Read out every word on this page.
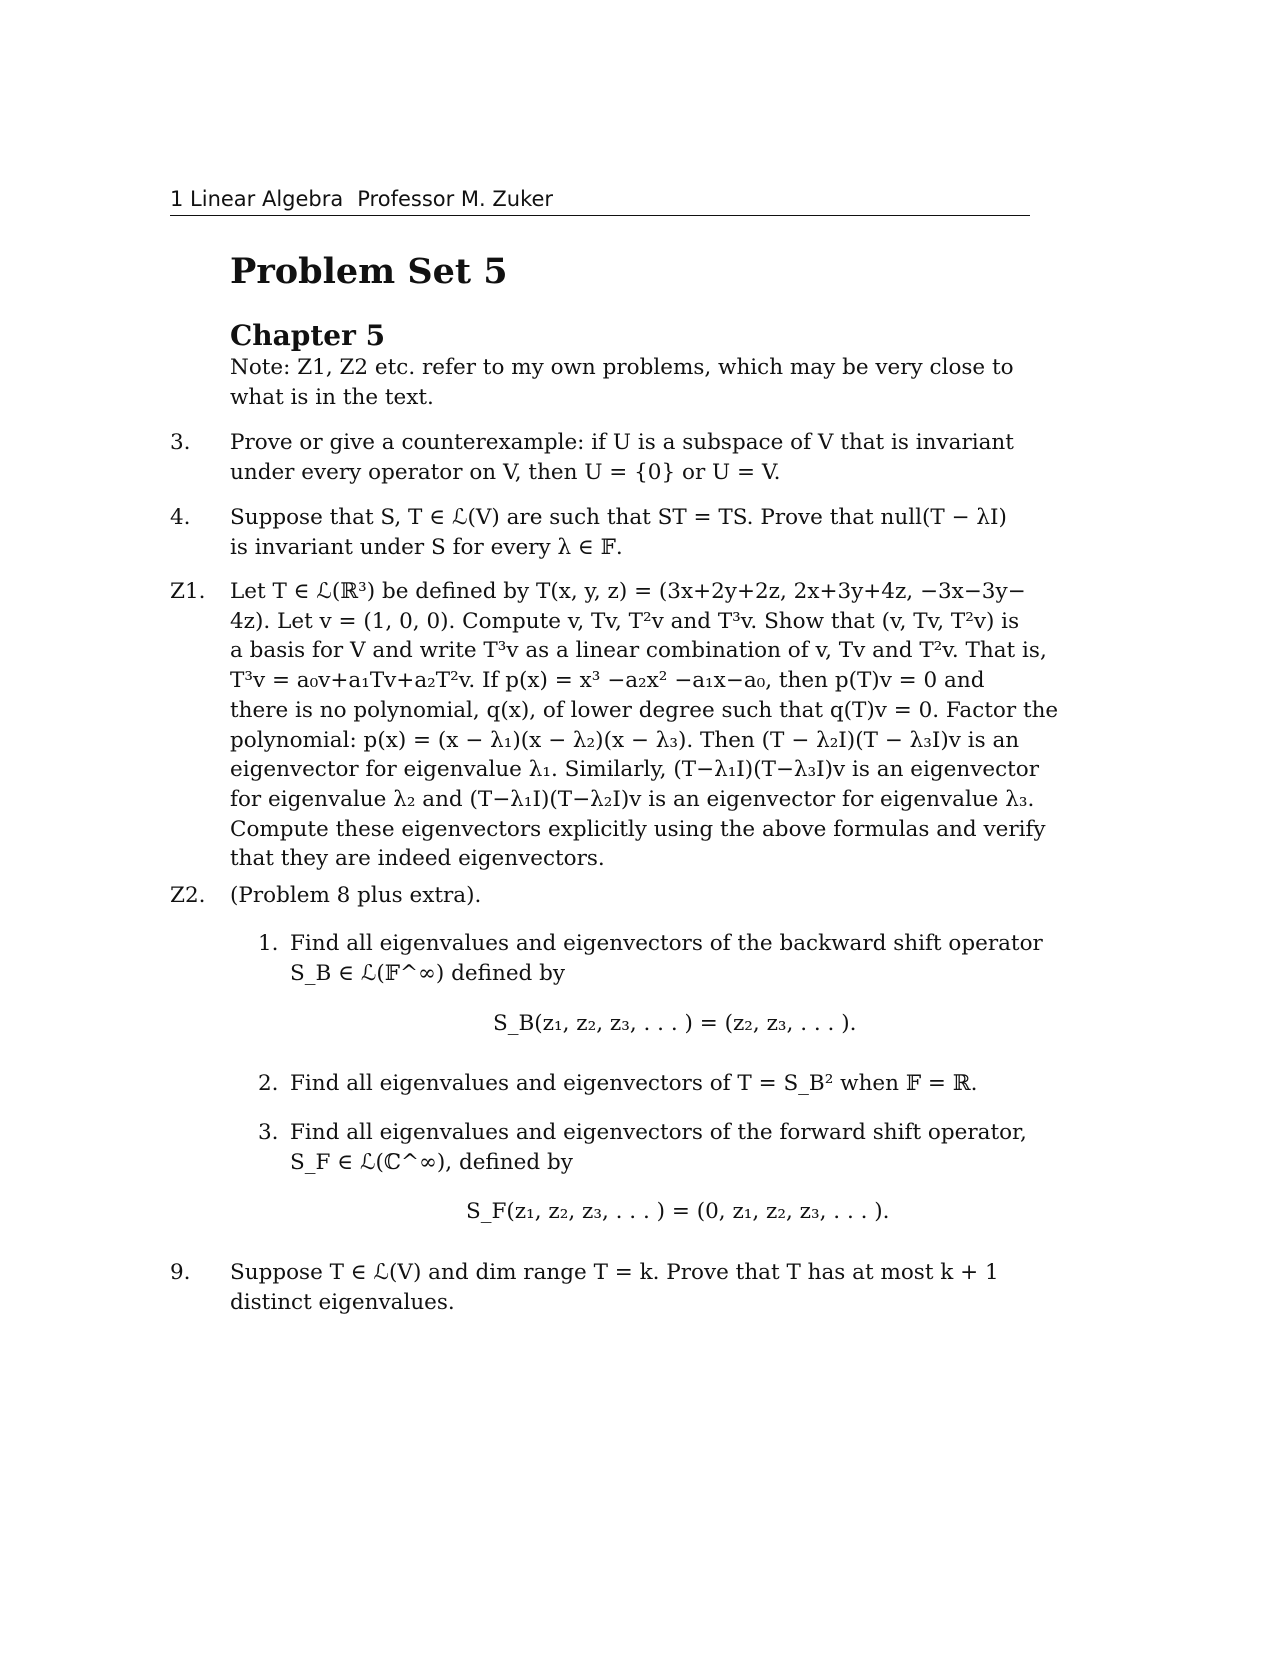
1 Linear Algebra Professor M. Zuker
Problem Set 5
Chapter 5
Note: Z1, Z2 etc. refer to my own problems, which may be very close to
what is in the text.
3. Prove or give a counterexample: if U is a subspace of V that is invariant
under every operator on V, then U = {0} or U = V.
4. Suppose that S, T ∈ ℒ(V) are such that ST = TS. Prove that null(T − λI)
is invariant under S for every λ ∈ 𝔽.
Z1. Let T ∈ ℒ(ℝ³) be defined by T(x, y, z) = (3x+2y+2z, 2x+3y+4z, −3x−3y−
4z). Let v = (1, 0, 0). Compute v, Tv, T²v and T³v. Show that (v, Tv, T²v) is
a basis for V and write T³v as a linear combination of v, Tv and T²v. That is,
T³v = a₀v+a₁Tv+a₂T²v. If p(x) = x³ −a₂x² −a₁x−a₀, then p(T)v = 0 and
there is no polynomial, q(x), of lower degree such that q(T)v = 0. Factor the
polynomial: p(x) = (x − λ₁)(x − λ₂)(x − λ₃). Then (T − λ₂I)(T − λ₃I)v is an
eigenvector for eigenvalue λ₁. Similarly, (T−λ₁I)(T−λ₃I)v is an eigenvector
for eigenvalue λ₂ and (T−λ₁I)(T−λ₂I)v is an eigenvector for eigenvalue λ₃.
Compute these eigenvectors explicitly using the above formulas and verify
that they are indeed eigenvectors.
Z2. (Problem 8 plus extra).
1. Find all eigenvalues and eigenvectors of the backward shift operator
S_B ∈ ℒ(𝔽^∞) defined by
S_B(z₁, z₂, z₃, . . . ) = (z₂, z₃, . . . ).
2. Find all eigenvalues and eigenvectors of T = S_B² when 𝔽 = ℝ.
3. Find all eigenvalues and eigenvectors of the forward shift operator,
S_F ∈ ℒ(ℂ^∞), defined by
S_F(z₁, z₂, z₃, . . . ) = (0, z₁, z₂, z₃, . . . ).
9. Suppose T ∈ ℒ(V) and dim range T = k. Prove that T has at most k + 1
distinct eigenvalues.
